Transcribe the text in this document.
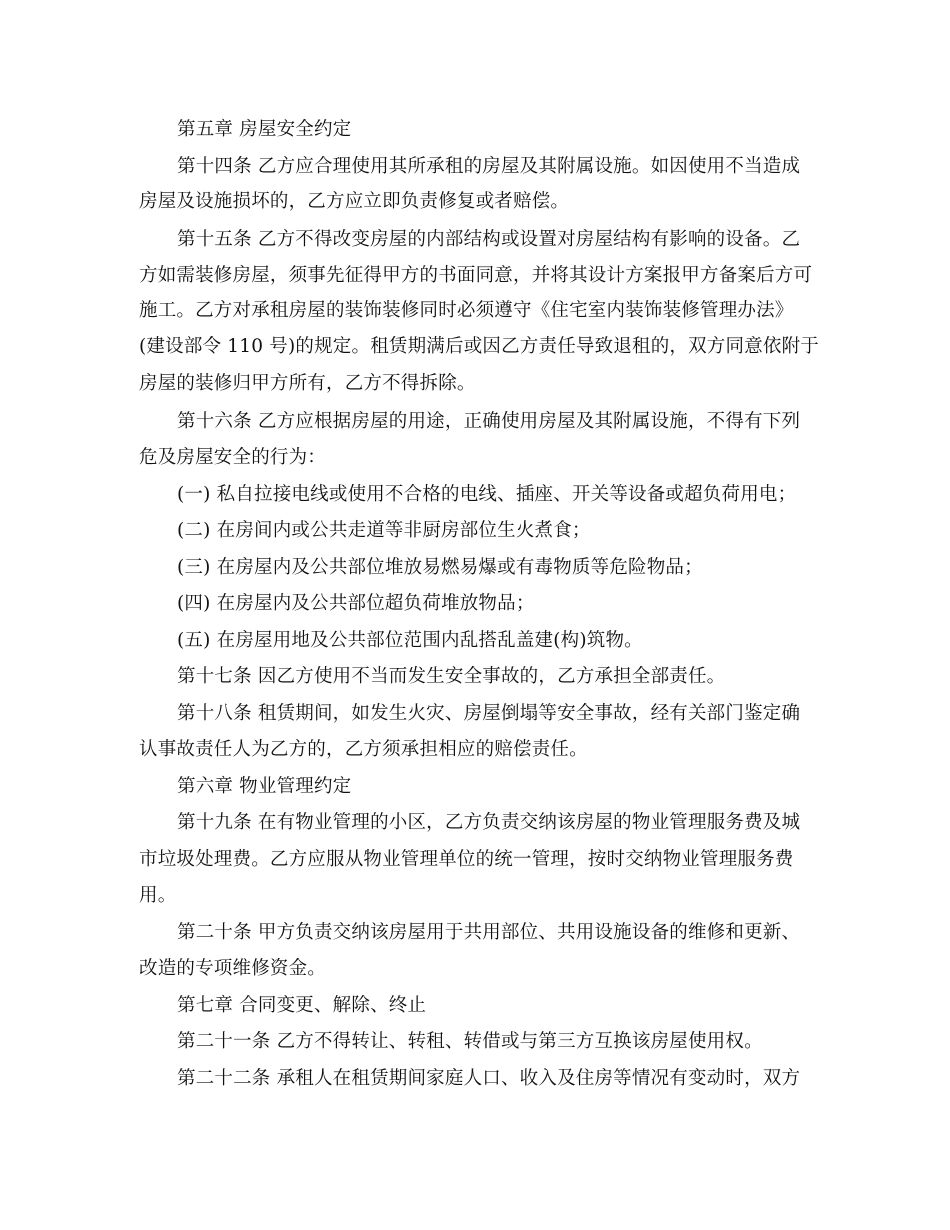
第五章 房屋安全约定
第十四条 乙方应合理使用其所承租的房屋及其附属设施。如因使用不当造成
房屋及设施损坏的，乙方应立即负责修复或者赔偿。
第十五条 乙方不得改变房屋的内部结构或设置对房屋结构有影响的设备。乙
方如需装修房屋，须事先征得甲方的书面同意，并将其设计方案报甲方备案后方可
施工。乙方对承租房屋的装饰装修同时必须遵守《住宅室内装饰装修管理办法》
(建设部令 110 号)的规定。租赁期满后或因乙方责任导致退租的，双方同意依附于
房屋的装修归甲方所有，乙方不得拆除。
第十六条 乙方应根据房屋的用途，正确使用房屋及其附属设施，不得有下列
危及房屋安全的行为：
(一) 私自拉接电线或使用不合格的电线、插座、开关等设备或超负荷用电；
(二) 在房间内或公共走道等非厨房部位生火煮食；
(三) 在房屋内及公共部位堆放易燃易爆或有毒物质等危险物品；
(四) 在房屋内及公共部位超负荷堆放物品；
(五) 在房屋用地及公共部位范围内乱搭乱盖建(构)筑物。
第十七条 因乙方使用不当而发生安全事故的，乙方承担全部责任。
第十八条 租赁期间，如发生火灾、房屋倒塌等安全事故，经有关部门鉴定确
认事故责任人为乙方的，乙方须承担相应的赔偿责任。
第六章 物业管理约定
第十九条 在有物业管理的小区，乙方负责交纳该房屋的物业管理服务费及城
市垃圾处理费。乙方应服从物业管理单位的统一管理，按时交纳物业管理服务费
用。
第二十条 甲方负责交纳该房屋用于共用部位、共用设施设备的维修和更新、
改造的专项维修资金。
第七章 合同变更、解除、终止
第二十一条 乙方不得转让、转租、转借或与第三方互换该房屋使用权。
第二十二条 承租人在租赁期间家庭人口、收入及住房等情况有变动时，双方
